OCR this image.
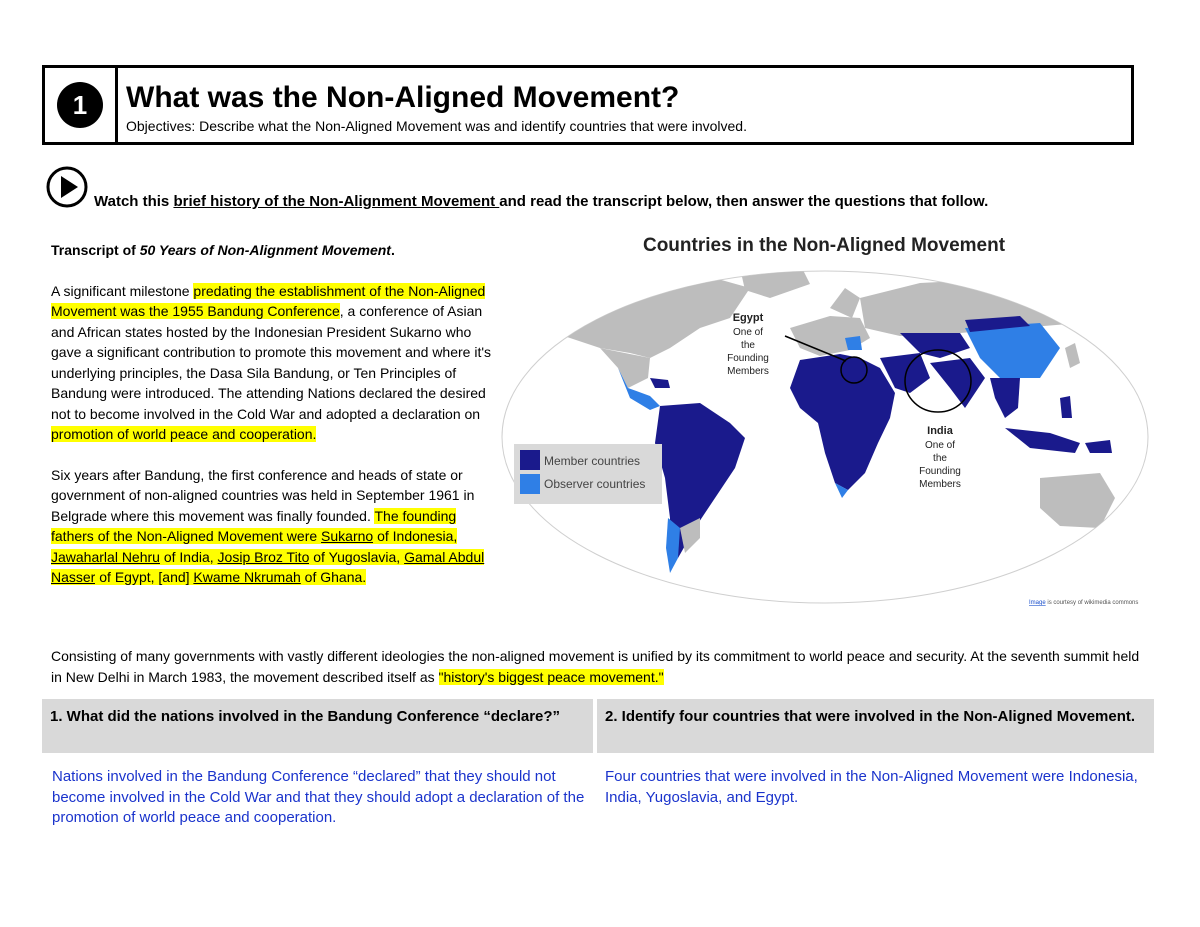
1	What was the Non-Aligned Movement?
Objectives: Describe what the Non-Aligned Movement was and identify countries that were involved.
Watch this brief history of the Non-Alignment Movement and read the transcript below, then answer the questions that follow.

Transcript of 50 Years of Non-Alignment Movement.

A significant milestone predating the establishment of the Non-Aligned Movement was the 1955 Bandung Conference, a conference of Asian and African states hosted by the Indonesian President Sukarno who gave a significant contribution to promote this movement and where it's underlying principles, the Dasa Sila Bandung, or Ten Principles of Bandung were introduced. The attending Nations declared the desired not to become involved in the Cold War and adopted a declaration on promotion of world peace and cooperation.

Six years after Bandung, the first conference and heads of state or government of non-aligned countries was held in September 1961 in Belgrade where this movement was finally founded. The founding fathers of the Non-Aligned Movement were Sukarno of Indonesia, Jawaharlal Nehru of India, Josip Broz Tito of Yugoslavia, Gamal Abdul Nasser of Egypt, [and] Kwame Nkrumah of Ghana.

Countries in the Non-Aligned Movement
Egypt
One of
the
Founding
Members
India
One of
the
Founding
Members
Member countries
Observer countries
Image is courtesy of wikimedia commons
Consisting of many governments with vastly different ideologies the non-aligned movement is unified by its commitment to world peace and security. At the seventh summit held in New Delhi in March 1983, the movement described itself as "history's biggest peace movement."
1. What did the nations involved in the Bandung Conference “declare?”	2. Identify four countries that were involved in the Non-Aligned Movement.
Nations involved in the Bandung Conference “declared” that they should not become involved in the Cold War and that they should adopt a declaration of the promotion of world peace and cooperation.
Four countries that were involved in the Non-Aligned Movement were Indonesia, India, Yugoslavia, and Egypt.
